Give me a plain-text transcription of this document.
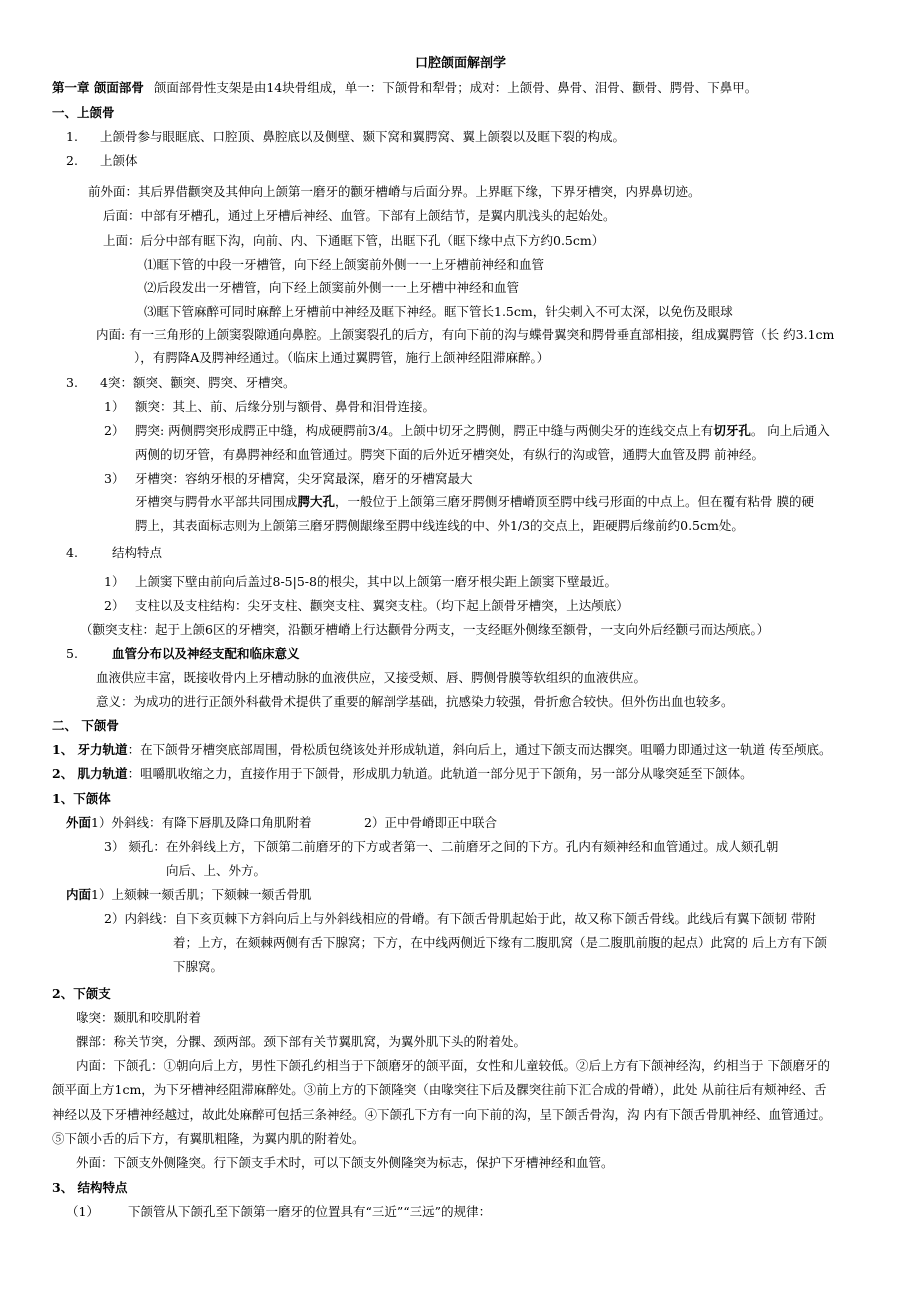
口腔颌面解剖学
第一章 颌面部骨 颌面部骨性支架是由14块骨组成，单一：下颌骨和犁骨；成对：上颌骨、鼻骨、泪骨、颧骨、腭骨、下鼻甲。
一、上颌骨
1. 上颌骨参与眼眶底、口腔顶、鼻腔底以及侧壁、颞下窝和翼腭窝、翼上颌裂以及眶下裂的构成。
2. 上颌体
前外面：其后界借颧突及其伸向上颌第一磨牙的颧牙槽嵴与后面分界。上界眶下缘，下界牙槽突，内界鼻切迹。
后面：中部有牙槽孔，通过上牙槽后神经、血管。下部有上颌结节，是翼内肌浅头的起始处。
上面：后分中部有眶下沟，向前、内、下通眶下管，出眶下孔（眶下缘中点下方约0.5cm）
⑴眶下管的中段一牙槽管，向下经上颌窦前外侧一一上牙槽前神经和血管
⑵后段发出一牙槽管，向下经上颌窦前外侧一一上牙槽中神经和血管
⑶眶下管麻醉可同时麻醉上牙槽前中神经及眶下神经。眶下管长1.5cm，针尖刺入不可太深，以免伤及眼球
内面: 有一三角形的上颌窦裂隙通向鼻腔。上颌窦裂孔的后方，有向下前的沟与蝶骨翼突和腭骨垂直部相接，组成翼腭管（长 约3.1cm
），有腭降A及腭神经通过。（临床上通过翼腭管，施行上颌神经阻滞麻醉。）
3. 4突：额突、颧突、腭突、牙槽突。
1） 额突：其上、前、后缘分别与额骨、鼻骨和泪骨连接。
2） 腭突: 两侧腭突形成腭正中缝，构成硬腭前3/4。上颌中切牙之腭侧，腭正中缝与两侧尖牙的连线交点上有切牙孔。 向上后通入
两侧的切牙管，有鼻腭神经和血管通过。腭突下面的后外近牙槽突处，有纵行的沟或管，通腭大血管及腭 前神经。
3） 牙槽突：容纳牙根的牙槽窝，尖牙窝最深，磨牙的牙槽窝最大
牙槽突与腭骨水平部共同围成腭大孔，一般位于上颌第三磨牙腭侧牙槽嵴顶至腭中线弓形面的中点上。但在覆有粘骨 膜的硬
腭上，其表面标志则为上颌第三磨牙腭侧龈缘至腭中线连线的中、外1/3的交点上，距硬腭后缘前约0.5cm处。
4.	结构特点
1） 上颌窦下壁由前向后盖过8-5|5-8的根尖，其中以上颌第一磨牙根尖距上颌窦下壁最近。
2） 支柱以及支柱结构：尖牙支柱、颧突支柱、翼突支柱。（均下起上颌骨牙槽突，上达颅底）
（颧突支柱：起于上颌6区的牙槽突，沿颧牙槽嵴上行达颧骨分两支，一支经眶外侧缘至额骨，一支向外后经颧弓而达颅底。）
5.	血管分布以及神经支配和临床意义
血液供应丰富，既接收骨内上牙槽动脉的血液供应，又接受颊、唇、腭侧骨膜等软组织的血液供应。
意义：为成功的进行正颌外科截骨术提供了重要的解剖学基础，抗感染力较强，骨折愈合较快。但外伤出血也较多。
二、 下颌骨
1、 牙力轨道：在下颌骨牙槽突底部周围，骨松质包绕该处并形成轨道，斜向后上，通过下颌支而达髁突。咀嚼力即通过这一轨道 传至颅底。
2、 肌力轨道：咀嚼肌收缩之力，直接作用于下颌骨，形成肌力轨道。此轨道一部分见于下颌角，另一部分从喙突延至下颌体。
1、下颌体
外面1）外斜线：有降下唇肌及降口角肌附着	2）正中骨嵴即正中联合
3） 颏孔：在外斜线上方，下颌第二前磨牙的下方或者第一、二前磨牙之间的下方。孔内有颏神经和血管通过。成人颏孔朝
向后、上、外方。
内面1）上颏棘一颏舌肌；下颏棘一颏舌骨肌
2）内斜线：自下亥页棘下方斜向后上与外斜线相应的骨嵴。有下颌舌骨肌起始于此，故又称下颌舌骨线。此线后有翼下颌韧 带附
着；上方，在颏棘两侧有舌下腺窝；下方，在中线两侧近下缘有二腹肌窝（是二腹肌前腹的起点）此窝的 后上方有下颌
下腺窝。
2、下颌支
喙突：颞肌和咬肌附着
髁部：称关节突，分髁、颈两部。颈下部有关节翼肌窝，为翼外肌下头的附着处。
内面：下颌孔：①朝向后上方，男性下颌孔约相当于下颌磨牙的颌平面，女性和儿童较低。②后上方有下颌神经沟，约相当于 下颌磨牙的
颌平面上方1cm，为下牙槽神经阻滞麻醉处。③前上方的下颌隆突（由喙突往下后及髁突往前下汇合成的骨嵴），此处 从前往后有颊神经、舌
神经以及下牙槽神经越过，故此处麻醉可包括三条神经。④下颌孔下方有一向下前的沟，呈下颌舌骨沟，沟 内有下颌舌骨肌神经、血管通过。
⑤下颌小舌的后下方，有翼肌粗隆，为翼内肌的附着处。
外面：下颌支外侧隆突。行下颌支手术时，可以下颌支外侧隆突为标志，保护下牙槽神经和血管。
3、 结构特点
（1） 下颌管从下颌孔至下颌第一磨牙的位置具有“三近”“三远”的规律：
